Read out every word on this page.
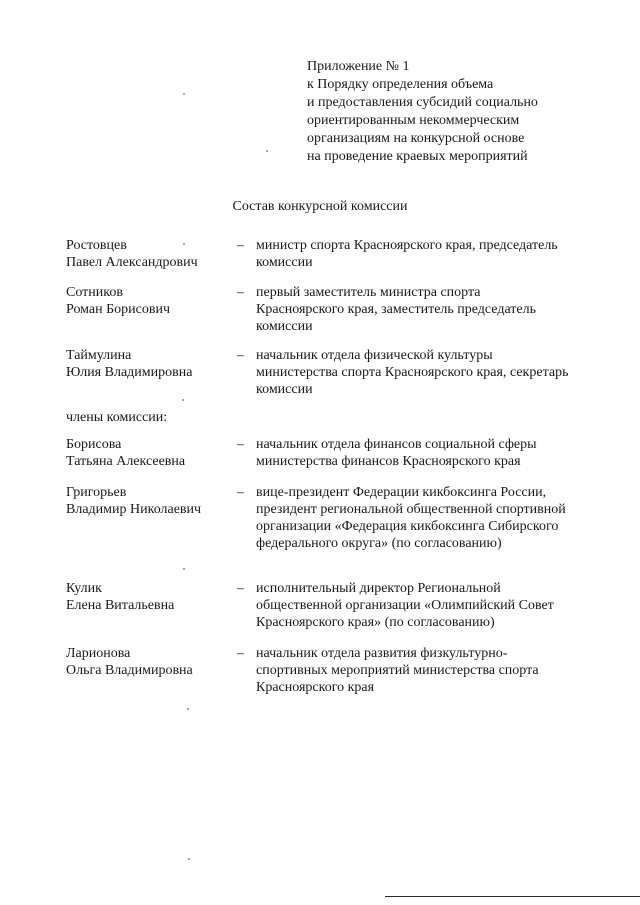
Приложение № 1
к Порядку определения объема
и предоставления субсидий социально
ориентированным некоммерческим
организациям на конкурсной основе
на проведение краевых мероприятий
Состав конкурсной комиссии
Ростовцев
Павел Александрович
– министр спорта Красноярского края, председатель комиссии
Сотников
Роман Борисович
– первый заместитель министра спорта Красноярского края, заместитель председатель комиссии
Таймулина
Юлия Владимировна
– начальник отдела физической культуры министерства спорта Красноярского края, секретарь комиссии
члены комиссии:
Борисова
Татьяна Алексеевна
– начальник отдела финансов социальной сферы министерства финансов Красноярского края
Григорьев
Владимир Николаевич
– вице-президент Федерации кикбоксинга России, президент региональной общественной спортивной организации «Федерация кикбоксинга Сибирского федерального округа» (по согласованию)
Кулик
Елена Витальевна
– исполнительный директор Региональной общественной организации «Олимпийский Совет Красноярского края» (по согласованию)
Ларионова
Ольга Владимировна
– начальник отдела развития физкультурно-спортивных мероприятий министерства спорта Красноярского края
